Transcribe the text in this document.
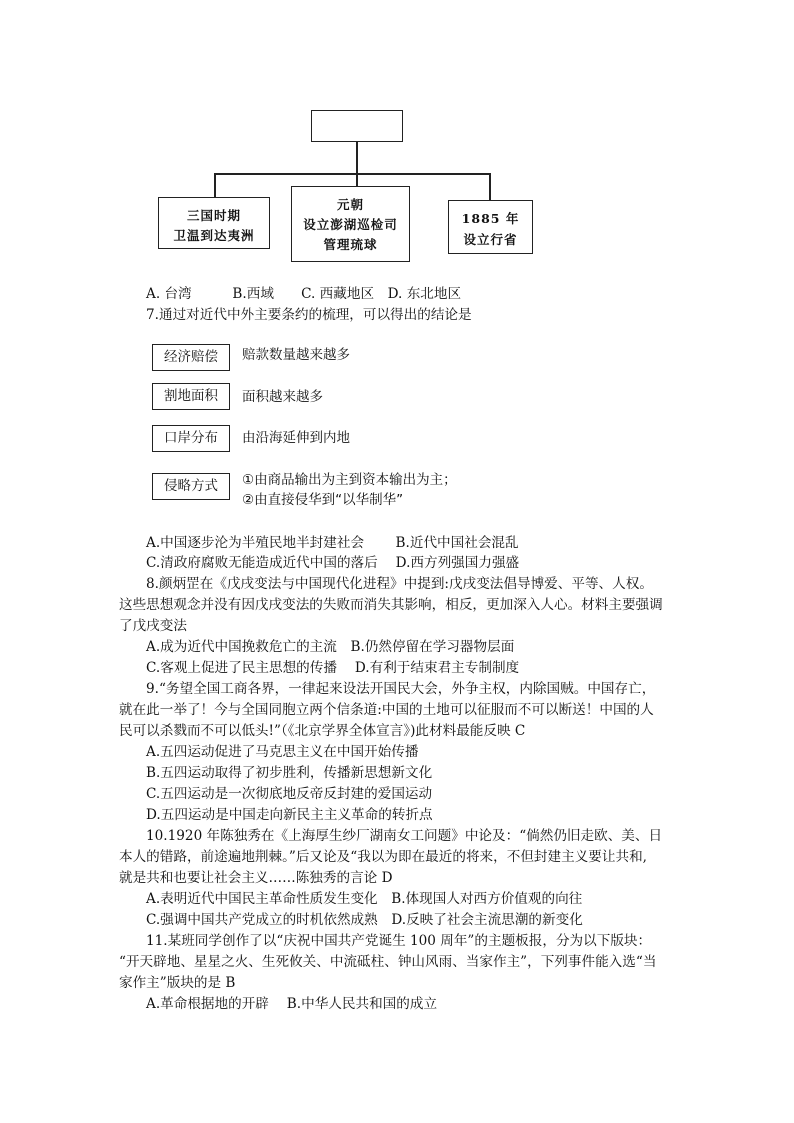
三国时期
卫温到达夷洲
元朝
设立澎湖巡检司
管理琉球
1885 年
设立行省
A. 台湾　　　B.西域　　C. 西藏地区　D. 东北地区
7.通过对近代中外主要条约的梳理，可以得出的结论是
经济赔偿	赔款数量越来越多
割地面积	面积越来越多
口岸分布	由沿海延伸到内地
侵略方式	①由商品输出为主到资本输出为主；
②由直接侵华到“以华制华”
A.中国逐步沦为半殖民地半封建社会　　 B.近代中国社会混乱
C.清政府腐败无能造成近代中国的落后　 D.西方列强国力强盛
8.颜炳罡在《戊戌变法与中国现代化进程》中提到:戊戌变法倡导博爱、平等、人权。
这些思想观念并没有因戊戌变法的失败而消失其影响，相反，更加深入人心。材料主要强调
了戊戌变法
A.成为近代中国挽救危亡的主流　B.仍然停留在学习器物层面
C.客观上促进了民主思想的传播　 D.有利于结束君主专制制度
9.“务望全国工商各界，一律起来设法开国民大会，外争主权，内除国贼。中国存亡，
就在此一举了！今与全国同胞立两个信条道:中国的土地可以征服而不可以断送！中国的人
民可以杀戮而不可以低头!”（《北京学界全体宣言》)此材料最能反映 C
A.五四运动促进了马克思主义在中国开始传播
B.五四运动取得了初步胜利，传播新思想新文化
C.五四运动是一次彻底地反帝反封建的爱国运动
D.五四运动是中国走向新民主主义革命的转折点
10.1920 年陈独秀在《上海厚生纱厂湖南女工问题》中论及：“倘然仍旧走欧、美、日
本人的错路，前途遍地荆棘。”后又论及“我以为即在最近的将来，不但封建主义要让共和,
就是共和也要让社会主义……陈独秀的言论 D
A.表明近代中国民主革命性质发生变化　B.体现国人对西方价值观的向往
C.强调中国共产党成立的时机依然成熟　D.反映了社会主流思潮的新变化
11.某班同学创作了以“庆祝中国共产党诞生 100 周年”的主题板报，分为以下版块：
“开天辟地、星星之火、生死攸关、中流砥柱、钟山风雨、当家作主”，下列事件能入选“当
家作主”版块的是 B
A.革命根据地的开辟　 B.中华人民共和国的成立
